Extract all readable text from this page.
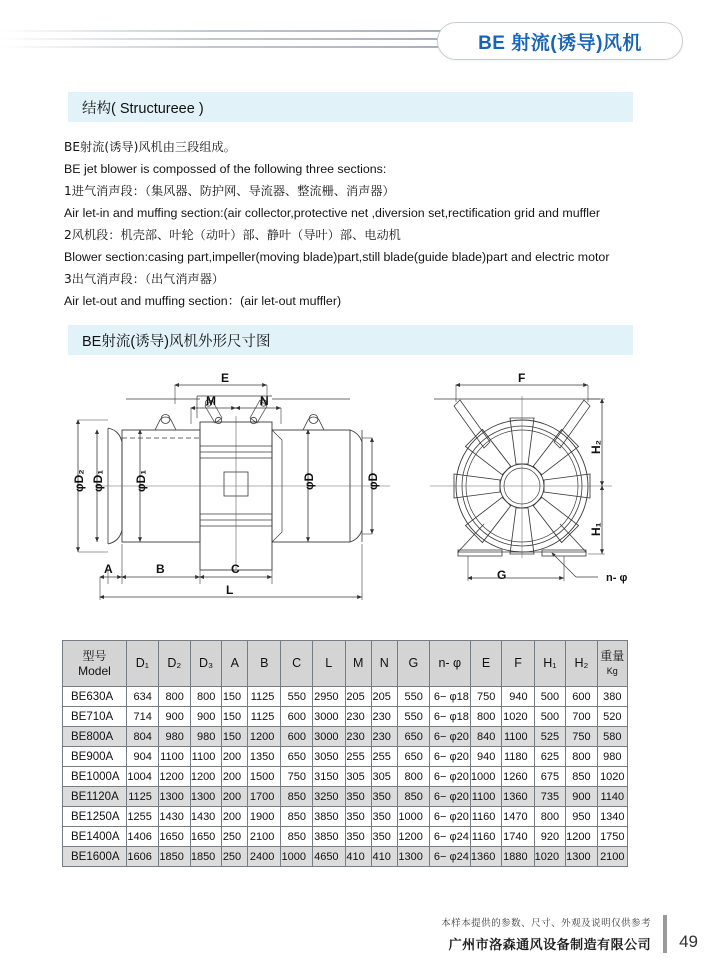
BE 射流(诱导)风机
结构( Structureee )

BE射流(诱导)风机由三段组成。

BE jet blower is compossed of the following three sections:

1进气消声段：（集风器、防护网、导流器、整流栅、消声器）

Air let-in and muffing section:(air collector,protective net ,diversion set,rectification grid and muffler

2风机段：机壳部、叶轮（动叶）部、静叶（导叶）部、电动机

Blower section:casing part,impeller(moving blade)part,still blade(guide blade)part and electric motor

3出气消声段：（出气消声器）

Air let-out and muffing section：(air let-out muffler)

BE射流(诱导)风机外形尺寸图
E
M	N
A	B	C
L
F
G	n- φ
φD₂ φD₁ φD₁	φD	φD
H₂
H₁
型号
Model	D₁	D₂	D₃	A	B	C	L	M	N	G	n- φ	E	F	H₁	H₂	重量
Kg

BE630A	634	800	800	150	1125	550	2950	205	205	550	6− φ18	750	940	500	600	380
BE710A	714	900	900	150	1125	600	3000	230	230	550	6− φ18	800	1020	500	700	520
BE800A	804	980	980	150	1200	600	3000	230	230	650	6− φ20	840	1100	525	750	580
BE900A	904	1100	1100	200	1350	650	3050	255	255	650	6− φ20	940	1180	625	800	980
BE1000A	1004	1200	1200	200	1500	750	3150	305	305	800	6− φ20	1000	1260	675	850	1020
BE1120A	1125	1300	1300	200	1700	850	3250	350	350	850	6− φ20	1100	1360	735	900	1140
BE1250A	1255	1430	1430	200	1900	850	3850	350	350	1000	6− φ20	1160	1470	800	950	1340
BE1400A	1406	1650	1650	250	2100	850	3850	350	350	1200	6− φ24	1160	1740	920	1200	1750
BE1600A	1606	1850	1850	250	2400	1000	4650	410	410	1300	6− φ24	1360	1880	1020	1300	2100
本样本提供的参数、尺寸、外观及说明仅供参考
广州市洛森通风设备制造有限公司 49
